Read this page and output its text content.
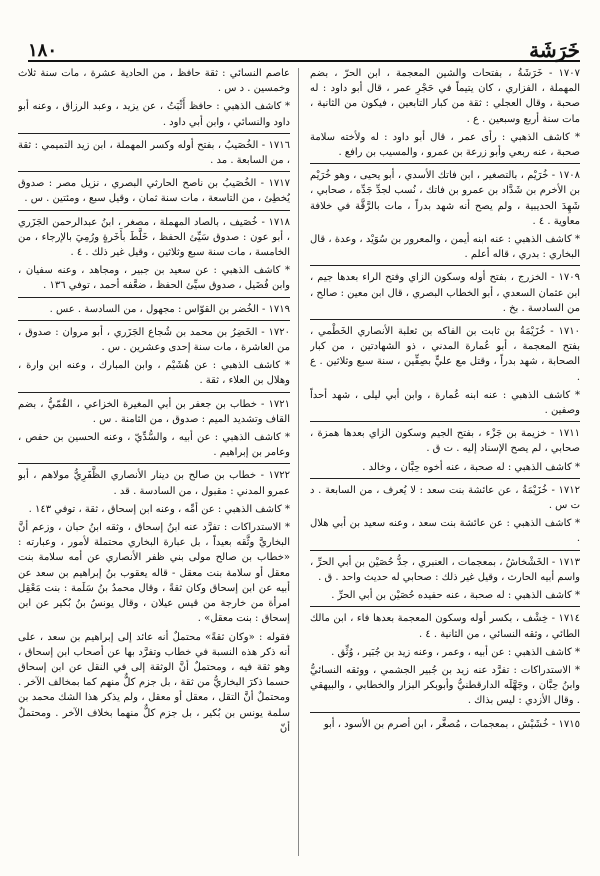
خَرَشَة
١٨٠

١٧٠٧ - خَرَشَةُ ، بفتحات والشين المعجمة ، ابن الحرّ ، بضم المهملة ، الفزاري ، كان يتيماً في حَجْرِ عمر ، قال أبو داود : له صحبة ، وقال العجلي : ثقة من كبار التابعين ، فيكون من الثانية ، مات سنة أربع وسبعين . ع .

* كاشف الذهبي : رأى عمر ، قال أبو داود : له ولأخته سلامة صحبة ، عنه ربعي وأبو زرعة بن عمرو ، والمسيب بن رافع .

١٧٠٨ - خُرَيْم ، بالتصغير ، ابن فاتك الأسدي ، أبو يحيى ، وهو خُرَيْم بن الأخرم بن شَدَّاد بن عمرو بن فاتك ، نُسب لجدِّ جَدِّه ، صحابي ، شَهِدَ الحديبية ، ولم يصح أنه شهد بدراً ، مات بالرَّقَّة في خلافة معاوية . ٤ .

* كاشف الذهبي : عنه ابنه أيمن ، والمعرور بن سُوَيْد ، وعدة ، قال البخاري : بدري ، قاله أعلم .

١٧٠٩ - الخزرج ، بفتح أوله وسكون الزاي وفتح الراء بعدها جيم ، ابن عثمان السعدي ، أبو الخطاب البصري ، قال ابن معين : صالح ، من السادسة . بخ .

١٧١٠ - خُزَيْمَةُ بن ثابت بن الفاكه بن ثعلبة الأنصاري الخَطْمي ، بفتح المعجمة ، أبو عُمارة المدني ، ذو الشهادتين ، من كبار الصحابة ، شهد بدراً ، وقتل مع عليٍّ بصِفِّين ، سنة سبع وثلاثين . ع .

* كاشف الذهبي : عنه ابنه عُمارة ، وابن أبي ليلى ، شهد أحداً وصفين .

١٧١١ - خزيمة بن جَزْء ، بفتح الجيم وسكون الزاي بعدها همزة ، صحابي ، لم يصح الإسناد إليه . ت ق .

* كاشف الذهبي : له صحبة ، عنه أخوه حِبَّان ، وخالد .

١٧١٢ - خُزَيْمَةُ ، عن عائشة بنت سعد : لا يُعرف ، من السابعة . د ت س .

* كاشف الذهبي : عن عائشة بنت سعد ، وعنه سعيد بن أبي هلال .

١٧١٣ - الخَشْخاشُ ، بمعجمات ، العنبري ، جدُّ حُصَيْن بن أبي الحرِّ ، واسم أبيه الحارث ، وقيل غير ذلك : صحابي له حديث واحد . ق .

* كاشف الذهبي : له صحبة ، عنه حفيده حُصَيْن بن أبي الحرِّ .

١٧١٤ - خِشْف ، بكسر أوله وسكون المعجمة بعدها فاء ، ابن مالك الطائي ، وثقه النسائي ، من الثانية . ٤ .

* كاشف الذهبي : عن أبيه ، وعمر ، وعنه زيد بن جُبَير ، وُثِّق .

* الاستدراكات : تفرَّد عنه زيد بن جُبير الجشمي ، ووثقه النسائيُّ وابنُ حِبَّان ، وجَهَّلَه الدارقطنيُّ وأبوبكر البزار والخطابي ، والبيهقي . وقال الأزدي : ليس بذاك .

١٧١٥ - خُشَيْش ، بمعجمات ، مُصغَّر ، ابن أصرم بن الأسود ، أبو

عاصم النسائي : ثقة حافظ ، من الحادية عشرة ، مات سنة ثلاث وخمسين . د س .

* كاشف الذهبي : حافظ أَثْبَتُ ، عن يزيد ، وعبد الرزاق ، وعنه أبو داود والنسائي ، وابن أبي داود .

١٧١٦ - الخُصَيبُ ، بفتح أوله وكسر المهملة ، ابن زيد التميمي : ثقة ، من السابعة . مد .

١٧١٧ - الخُصَيبُ بن ناصح الحارثي البصري ، نزيل مصر : صدوق يُخطِئ ، من التاسعة ، مات سنة ثمان ، وقيل سبع ، ومئتين . س .

١٧١٨ - خُصَيف ، بالصاد المهملة ، مصغر ، ابنُ عبدالرحمن الجَزَري ، أبو عون : صدوق سَيِّئ الحفظ ، خَلَّطَ بأَخَرةٍ ورُمِيَ بالإرجاء ، من الخامسة ، مات سنة سبع وثلاثين ، وقيل غير ذلك . ٤ .

* كاشف الذهبي : عن سعيد بن جبير ، ومجاهد ، وعنه سفيان ، وابن فُضَيل ، صدوق سيِّئ الحفظ ، ضعَّفه أحمد ، توفي ١٣٦ .

١٧١٩ - الخُضر بن القوّاس : مجهول ، من السادسة . عس .

١٧٢٠ - الخَضِرُ بن محمد بن شُجاع الجَزَري ، أبو مروان : صدوق ، من العاشرة ، مات سنة إحدى وعشرين . س .

* كاشف الذهبي : عن هُشَيْم ، وابن المبارك ، وعنه ابن وارة ، وهلال بن العلاء ، ثقة .

١٧٢١ - خطاب بن جعفر بن أبي المغيرة الخزاعي ، القُمّيُّ ، بضم القاف وتشديد الميم : صدوق ، من الثامنة . س .

* كاشف الذهبي : عن أبيه ، والسُّدِّيّ ، وعنه الحسين بن حفص ، وعامر بن إبراهيم .

١٧٢٢ - خطاب بن صالح بن دينار الأنصاري الظَّفَرِيُّ مولاهم ، أبو عمرو المدني : مقبول ، من السادسة . قد .

* كاشف الذهبي : عن أمِّه ، وعنه ابن إسحاق ، ثقة ، توفي ١٤٣ .

* الاستدراكات : تفرَّد عنه ابنُ إسحاق ، وثقه ابنُ حبان ، وزعم أنَّ البخاريَّ وثَّقه بعيداً ، بل عبارة البخاري محتملة لأمور ، وعبارته : «خطاب بن صالح مولى بني ظفر الأنصاري عن أمه سلامة بنت معقل أو سلامة بنت معقل - قاله يعقوب بنُ إبراهيم بن سعد عن أبيه عن ابن إسحاق وكان ثقةً ، وقال محمدُ بنُ سَلَمة : بنت مَعْقِل امرأة من خارجة من قيس عيلان ، وقال يونسُ بنُ بُكير عن ابن إسحاق : بنت معقل» .

فقوله : «وكان ثقةً» محتملٌ أنه عائد إلى إبراهيم بن سعد ، على أنه ذكر هذه النسبة في خطاب وتفرَّد بها عن أصحاب ابن إسحاق ، وهو ثقة فيه ، ومحتملٌ أنَّ الوثقة إلى في النقل عن ابن إسحاق حسما ذكرَ البخاريُّ من ثقة ، بل جزم كلٌّ منهم كما بمخالف الآخر . ومحتملٌ أنَّ التقل ، معقل أو معقل ، ولم يذكر هذا الشك محمد بن سلمة يونس بن بُكير ، بل جزم كلٌّ منهما بخلاف الآخر . ومحتملٌ أنّ
